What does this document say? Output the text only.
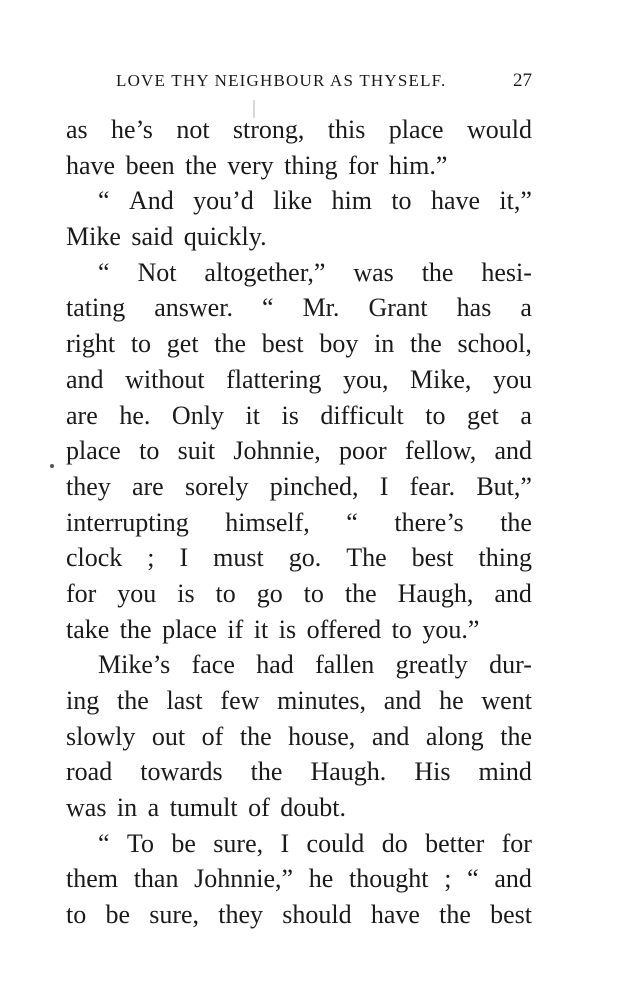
LOVE THY NEIGHBOUR AS THYSELF.	27
as he’s not strong, this place would
have been the very thing for him.”
“ And you’d like him to have it,”
Mike said quickly.
“ Not altogether,” was the hesi-
tating answer. “ Mr. Grant has a
right to get the best boy in the school,
and without flattering you, Mike, you
are he. Only it is difficult to get a
place to suit Johnnie, poor fellow, and
they are sorely pinched, I fear. But,”
interrupting himself, “ there’s the
clock ; I must go. The best thing
for you is to go to the Haugh, and
take the place if it is offered to you.”
Mike’s face had fallen greatly dur-
ing the last few minutes, and he went
slowly out of the house, and along the
road towards the Haugh. His mind
was in a tumult of doubt.
“ To be sure, I could do better for
them than Johnnie,” he thought ; “ and
to be sure, they should have the best
